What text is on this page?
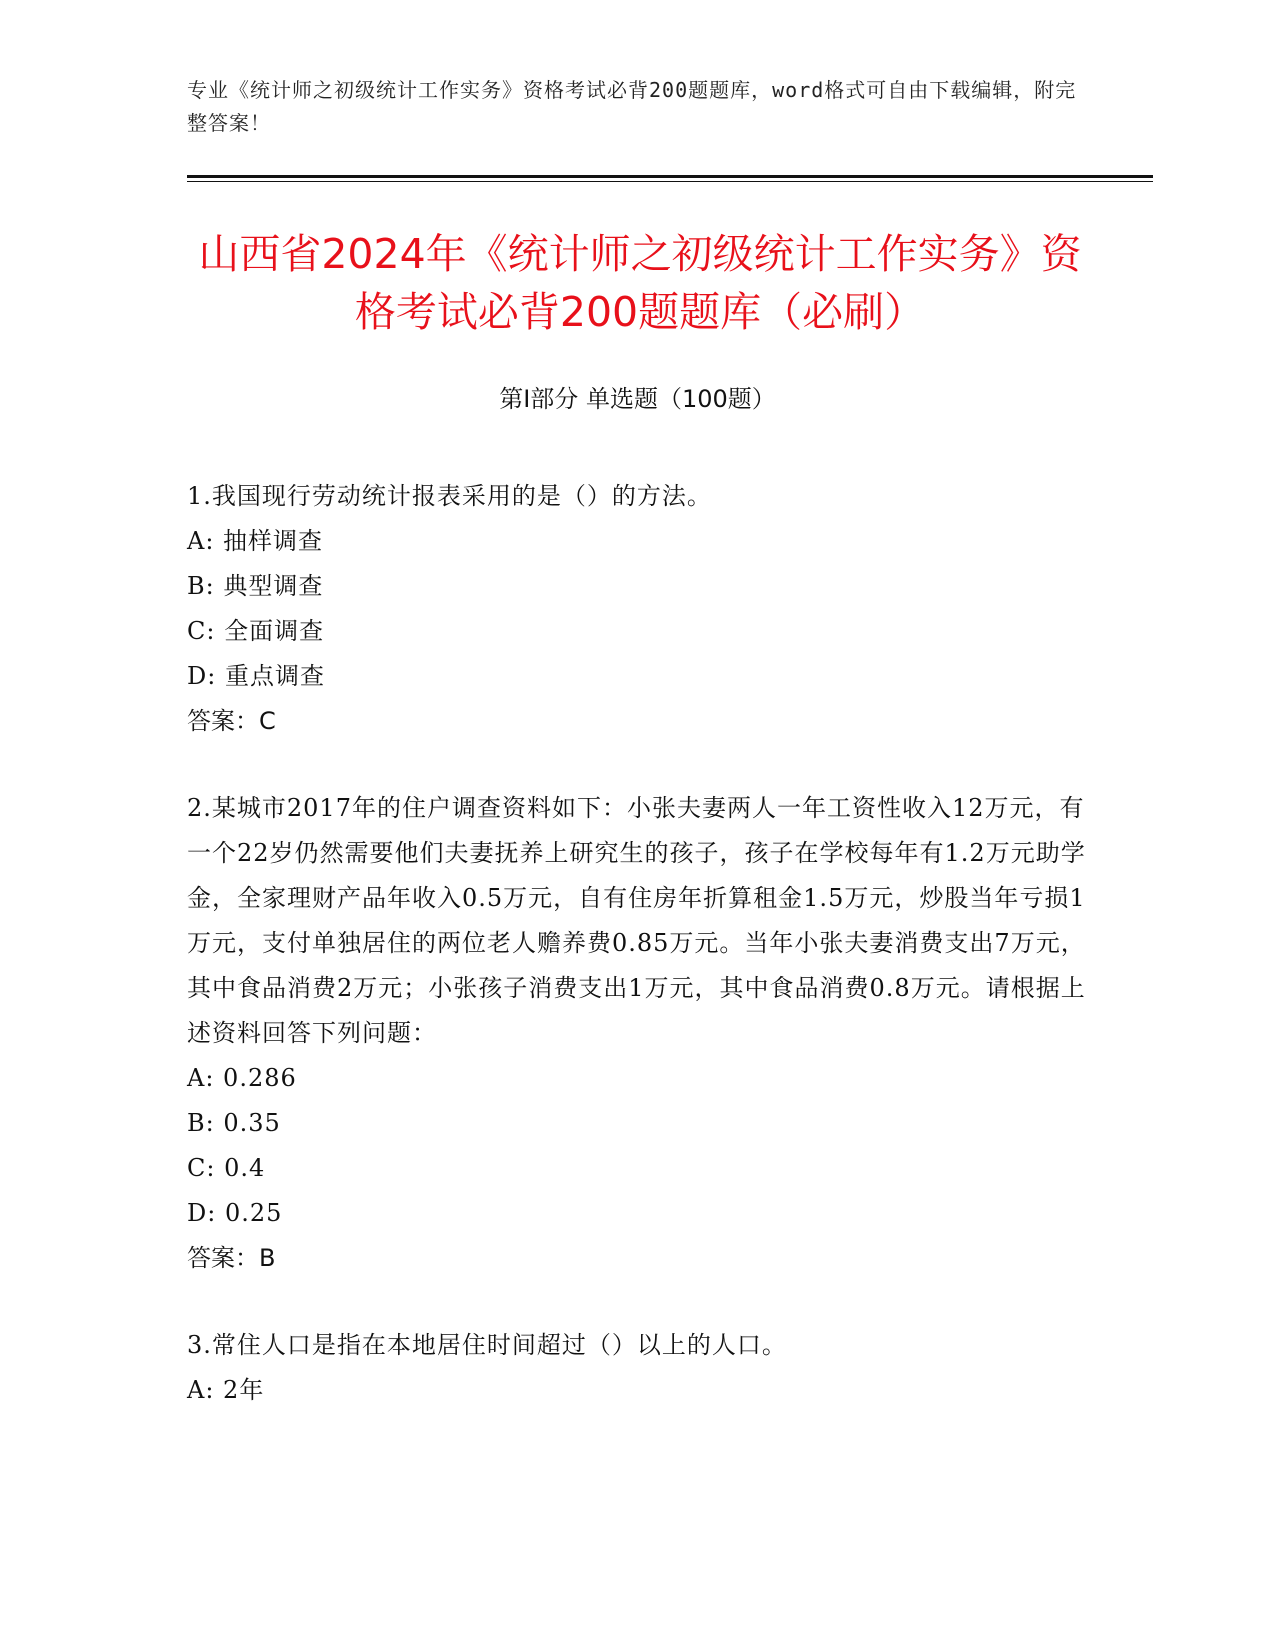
专业《统计师之初级统计工作实务》资格考试必背200题题库，word格式可自由下载编辑，附完整答案！
山西省2024年《统计师之初级统计工作实务》资格考试必背200题题库（必刷）
第Ⅰ部分 单选题（100题）

1.我国现行劳动统计报表采用的是（）的方法。

A: 抽样调查

B: 典型调查

C: 全面调查

D: 重点调查

答案：C

2.某城市2017年的住户调查资料如下：小张夫妻两人一年工资性收入12万元，有一个22岁仍然需要他们夫妻抚养上研究生的孩子，孩子在学校每年有1.2万元助学金，全家理财产品年收入0.5万元，自有住房年折算租金1.5万元，炒股当年亏损1万元，支付单独居住的两位老人赡养费0.85万元。当年小张夫妻消费支出7万元，其中食品消费2万元；小张孩子消费支出1万元，其中食品消费0.8万元。请根据上述资料回答下列问题：

A: 0.286

B: 0.35

C: 0.4

D: 0.25

答案：B

3.常住人口是指在本地居住时间超过（）以上的人口。

A: 2年
